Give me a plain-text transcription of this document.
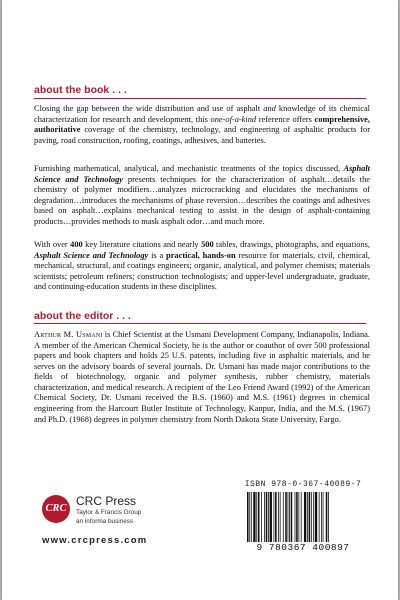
about the book . . .

Closing the gap between the wide distribution and use of asphalt and knowledge of its chemical characterization for research and development, this one-of-a-kind reference offers comprehensive, authoritative coverage of the chemistry, technology, and engineering of asphaltic products for paving, road construction, roofing, coatings, adhesives, and batteries.

Furnishing mathematical, analytical, and mechanistic treatments of the topics discussed, Asphalt Science and Technology presents techniques for the characterization of asphalt…details the chemistry of polymer modifiers…analyzes microcracking and elucidates the mechanisms of degradation…introduces the mechanisms of phase reversion…describes the coatings and adhesives based on asphalt…explains mechanical testing to assist in the design of asphalt-containing products…provides methods to mask asphalt odor…and much more.

With over 400 key literature citations and nearly 500 tables, drawings, photographs, and equations, Asphalt Science and Technology is a practical, hands-on resource for materials, civil, chemical, mechanical, structural, and coatings engineers; organic, analytical, and polymer chemists; materials scientists; petroleum refiners; construction technologists; and upper-level undergraduate, graduate, and continuing-education students in these disciplines.

about the editor . . .

Arthur M. Usmani is Chief Scientist at the Usmani Development Company, Indianapolis, Indiana. A member of the American Chemical Society, he is the author or coauthor of over 500 professional papers and book chapters and holds 25 U.S. patents, including five in asphaltic materials, and he serves on the advisory boards of several journals. Dr. Usmani has made major contributions to the fields of biotechnology, organic and polymer synthesis, rubber chemistry, materials characterization, and medical research. A recipient of the Leo Friend Award (1992) of the American Chemical Society, Dr. Usmani received the B.S. (1960) and M.S. (1961) degrees in chemical engineering from the Harcourt Butler Institute of Technology, Kanpur, India, and the M.S. (1967) and Ph.D. (1968) degrees in polymer chemistry from North Dakota State University, Fargo.

CRC
CRC Press
Taylor & Francis Group
an informa business
www.crcpress.com
ISBN 978-0-367-40089-7
9 780367 400897
